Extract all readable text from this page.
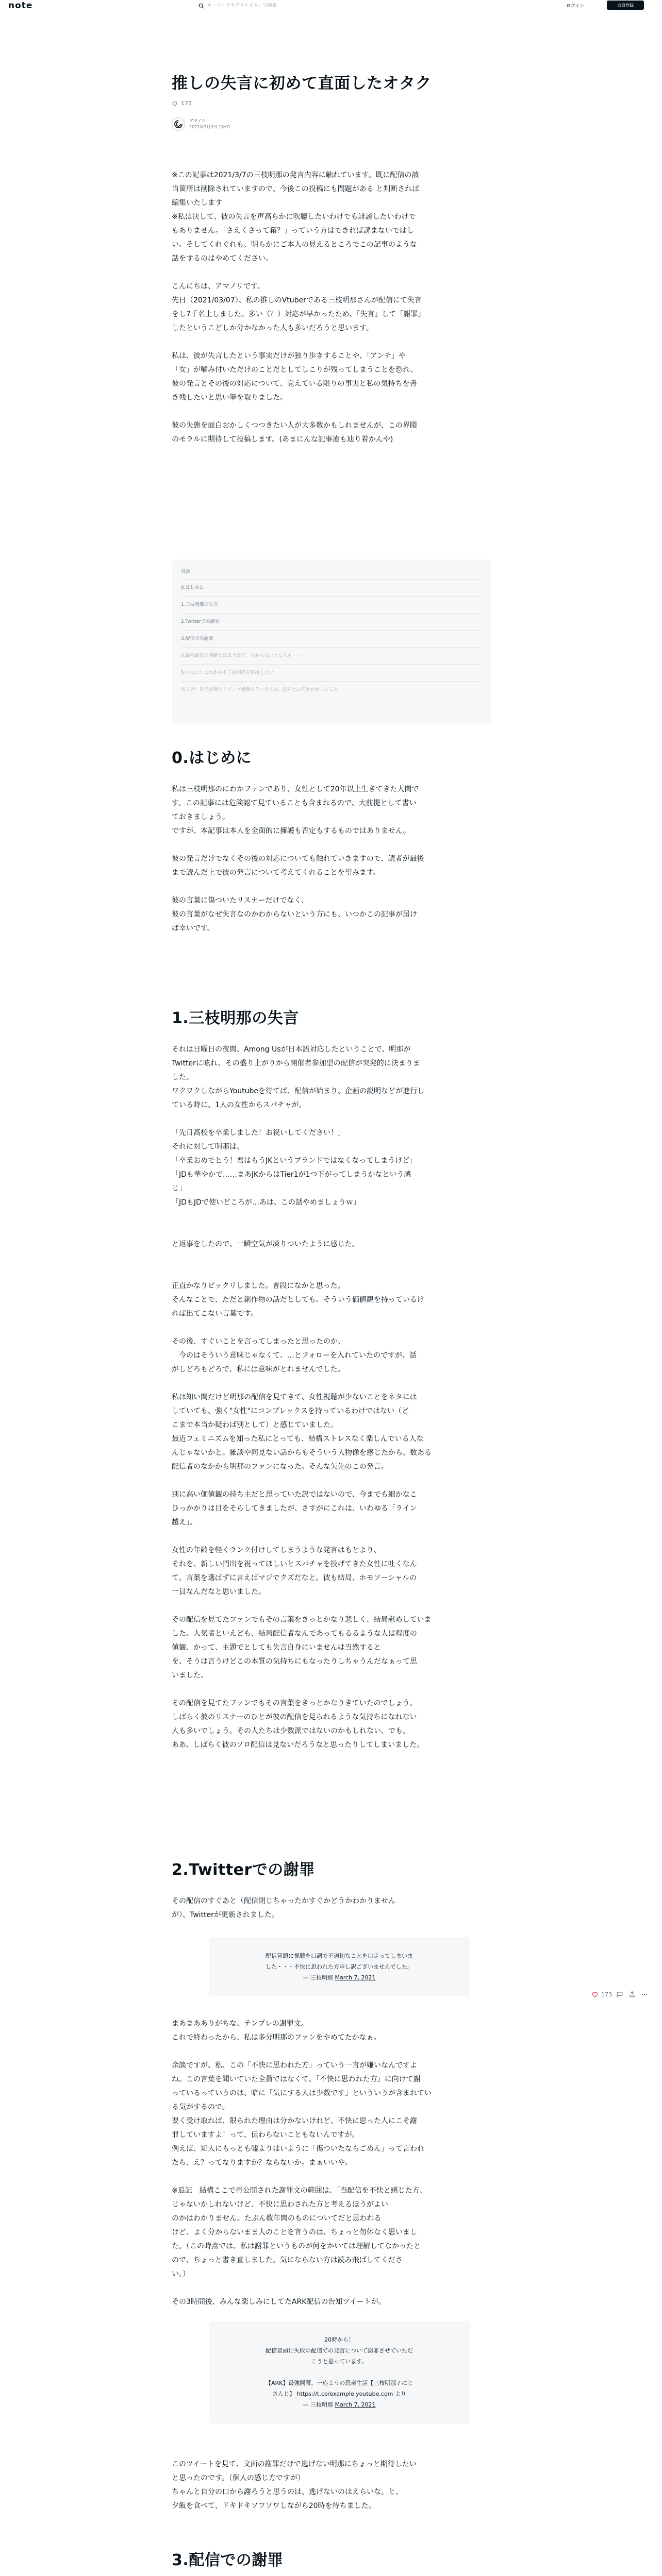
note
キーワードやクリエイターで検索	ログイン	会員登録
推しの失言に初めて直面したオタク
173
アマノリ
2021年3月9日 18:01

※この記事は2021/3/7の三枝明那の発言内容に触れています。既に配信の該

当箇所は削除されていますので、今後この投稿にも問題がある と判断されば

編集いたします

※私は決して、彼の失言を声高らかに吹聴したいわけでも誹謗したいわけで

もありません。「さえくさって箱？」っていう方はできれば読まないではし

い。そしてくれぐれも、明らかにご本人の見えるところでこの記事のような

話をするのはやめてください。

こんにちは、アマノリです。

先日（2021/03/07）、私の推しのVtuberである三枝明那さんが配信にて失言

をし7千名上しました。多い（？）対応が早かったため、「失言」して「謝罪」

したというこどしか分かなかった人も多いだろうと思います。

私は、彼が失言したという事実だけが独り歩きすることや、「アンチ」や

「女」が噛み付いただけのことだとしてしこりが残ってしまうことを恐れ、

彼の発言とその後の対応について、覚えている限りの事実と私の気持ちを書

き残したいと思い筆を取りました。

彼の失態を面白おかしくつつきたい人が大多数かもしれませんが、この界隈

のモラルに期待して投稿します。(あまにんな記事違も辿り着かんや)

目次
0.はじめに
1.三枝明那の失言
2.Twitterでの謝罪
3.配信での謝罪
4.最初最良の判断とは思うけど、分からないところも・・・
5.いこに：これからも三枝明那を応援したい
あまけ：自己推奨のミアップ優勝の７いう失め、ほんとに何かわかったこと
0.はじめに

私は三枝明那のにわかファンであり、女性として20年以上生きてきた人間で

す。この記事には危険認て見ていることも含まれるので、大前提として書い

ておきましょう。

ですが、本記事は本人を全面的に擁護も否定もするものではありません。

彼の発言だけでなくその後の対応についても触れていきますので、読者が最後

まで読んだ上で彼の発言について考えてくれることを望みます。

彼の言葉に傷ついたリスナーだけでなく、

彼の言葉がなぜ失言なのかわからないという方にも、いつかこの記事が届け

ば幸いです。

1.三枝明那の失言

それは日曜日の夜間、Among Usが日本語対応したということで、明那が

Twitterに呟れ、その盛り上がりから開催者参加型の配信が突発的に決まりま

した。

ワクワクしながらYoutubeを待てば、配信が始まり、企画の説明などが進行し

ている時に、1人の女性からスパチャが。

「先日高校を卒業しました！お祝いしてください！」

それに対して明那は、

「卒業おめでとう！君はもうJKというブランドではなくなってしまうけど」

「JDも華やかで……まあJKからはTier1が1つ下がってしまうかなという感

じ」

「JDもJDで使いどころが…あは、この話やめましょうｗ」

と返事をしたので、一瞬空気が凍りついたように感じた。

正直かなりビックリしました。普段になかと思った。

そんなことで、ただと創作物の話だとしても。そういう価値観を持っているけ

れば出てこない言葉です。

その後、すぐいことを言ってしまったと思ったのか、

　今のはそういう意味じゃなくて、…とフォローを入れていたのですが、話

がしどろもどろで、私には意味がとれませんでした。

私は知い間だけど明那の配信を見てきて、女性視聴が少ないことをネタには

していても、強く"女性"にコンプレックスを持っているわけではない（ど

こまで本当か疑わば別として）と感じていました。

最近フェミニズムを知った私にとっても、結構ストレスなく楽しんでいる人な

んじゃないかと。雑談や同見ない話からもそういう人物像を感じたから、数ある

配信者のなかから明那のファンになった。そんな矢先のこの発言。

別に高い価値観の持ち主だと思っていた訳ではないので、今までも細かなこ

ひっかかりは目をそらしてきましたが、さすがにこれは、いわゆる「ライン

越え」。

女性の年齢を軽くランク付けしてしまうような発言はもとより、

それを、新しい門出を祝ってほしいとスパチャを投げてきた女性に吐くなん

て。言葉を選ばずに言えばマジでクズだなと。彼も結局、ホモソーシャルの

一員なんだなと思いました。

その配信を見てたファンでもその言葉をきっとかなり悲しく、結局慰めしていま

した。人気者といえども、結局配信者なんであってもるるような人は程度の

値観、かって、主題でとしても失言自身にいませんは当然すると

を、そうは言うけどこの本質の気持ちにもなったりしちゃうんだなぁって思

いました。

その配信を見てたファンでもその言葉をきっとかなりきていたのでしょう。

しばらく彼のリスナーのひとが彼の配信を見られるような気持ちになれない

人も多いでしょう。その人たちは少数派ではないのかもしれない、でも、

ああ、しばらく彼のソロ配信は見ないだろうなと思ったりしてしまいました。

2.Twitterでの謝罪

その配信のすぐあと（配信閉じちゃったかすぐかどうかわかりません

が）、Twitterが更新されました。

配信冒頭に視聴を口調で不適切なことを口走ってしまいま
した・・・不快に思われた方申し訳ございませんでした。
— 三枝明那 March 7, 2021

まあまあありがちな、テンプレの謝罪文。

これで終わったから、私は多分明那のファンをやめてたかなぁ。

余談ですが、私、この「不快に思われた方」っていう一言が嫌いなんですよ

ね。この言葉を聞いていた全員ではなくて、「不快に思われた方」に向けて謝

っているっていうのは、暗に「気にする人は少数です」といういうが含まれてい

る気がするので。

要く受け取れば、限られた理由は分かないけれど、不快に思った人にこそ謝

罪していますよ！って、伝わらないこともないんですが。

例えば、知人にもっとも嘘よりはいように「傷ついたならごめん」って言われ

たら、え？ってなりますか？ならないか。まぁいいや。

※追記　結構ここで再公開された謝罪文の範囲は、「当配信を不快と感じた方、

じゃないかしれないけど、不快に思わされた方と考えるほうがよい

のかはわかりません。たぶん数年間のものについてだと思われる

けど、よく分からないまま人のことを言うのは、ちょっと勿体なく思いまし

た。（この時点では、私は謝罪というものが何をかいては理解してなかったと

ので、ちょっと書き直しました。気にならない方は読み飛ばしてくださ

い。）

その3時間後、みんな楽しみにしてたARK配信の告知ツイートが。

20時から！
配信冒頭に失敗の配信での発言について謝罪させていただ
こうと思っています。
【ARK】最強開幕。一応ようの恐竜生活【三枝明那 / にじ
さんじ】 https://t.co/example youtube.com より
— 三枝明那 March 7, 2021

このツイートを見て、文面の謝罪だけで逃げない明那にちょっと期待したい

と思ったのです。（個人の感じ方ですが）

ちゃんと自分の口から謝ろうと思うのは、逃げないのはえらいな。と、

夕飯を食べて、ドキドキソワソワしながら20時を待ちました。

3.配信での謝罪

173
